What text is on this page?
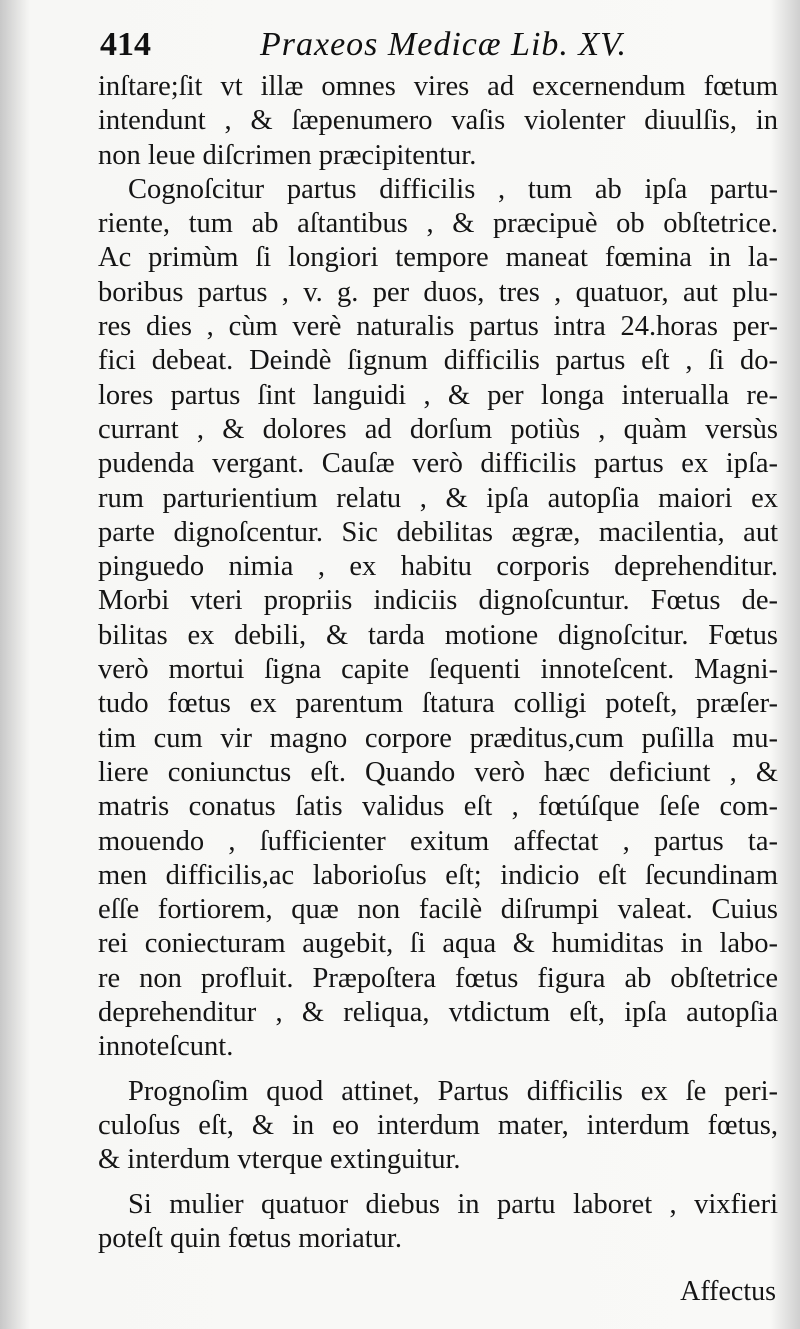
414	Praxeos Medicæ Lib. XV.
inſtare;ſit vt illæ omnes vires ad excernendum fœtum
intendunt , & ſæpenumero vaſis violenter diuulſis, in
non leue diſcrimen præcipitentur.
Cognoſcitur partus difficilis , tum ab ipſa partu-
riente, tum ab aſtantibus , & præcipuè ob obſtetrice.
Ac primùm ſi longiori tempore maneat fœmina in la-
boribus partus , v. g. per duos, tres , quatuor, aut plu-
res dies , cùm verè naturalis partus intra 24.horas per-
fici debeat. Deindè ſignum difficilis partus eſt , ſi do-
lores partus ſint languidi , & per longa interualla re-
currant , & dolores ad dorſum potiùs , quàm versùs
pudenda vergant. Cauſæ verò difficilis partus ex ipſa-
rum parturientium relatu , & ipſa autopſia maiori ex
parte dignoſcentur. Sic debilitas ægræ, macilentia, aut
pinguedo nimia , ex habitu corporis deprehenditur.
Morbi vteri propriis indiciis dignoſcuntur. Fœtus de-
bilitas ex debili, & tarda motione dignoſcitur. Fœtus
verò mortui ſigna capite ſequenti innoteſcent. Magni-
tudo fœtus ex parentum ſtatura colligi poteſt, præſer-
tim cum vir magno corpore præditus,cum puſilla mu-
liere coniunctus eſt. Quando verò hæc deficiunt , &
matris conatus ſatis validus eſt , fœtúſque ſeſe com-
mouendo , ſufficienter exitum affectat , partus ta-
men difficilis,ac laborioſus eſt; indicio eſt ſecundinam
eſſe fortiorem, quæ non facilè diſrumpi valeat. Cuius
rei coniecturam augebit, ſi aqua & humiditas in labo-
re non profluit. Præpoſtera fœtus figura ab obſtetrice
deprehenditur , & reliqua, vtdictum eſt, ipſa autopſia
innoteſcunt.
Prognoſim quod attinet, Partus difficilis ex ſe peri-
culoſus eſt, & in eo interdum mater, interdum fœtus,
& interdum vterque extinguitur.
Si mulier quatuor diebus in partu laboret , vixfieri
poteſt quin fœtus moriatur.
Affectus
